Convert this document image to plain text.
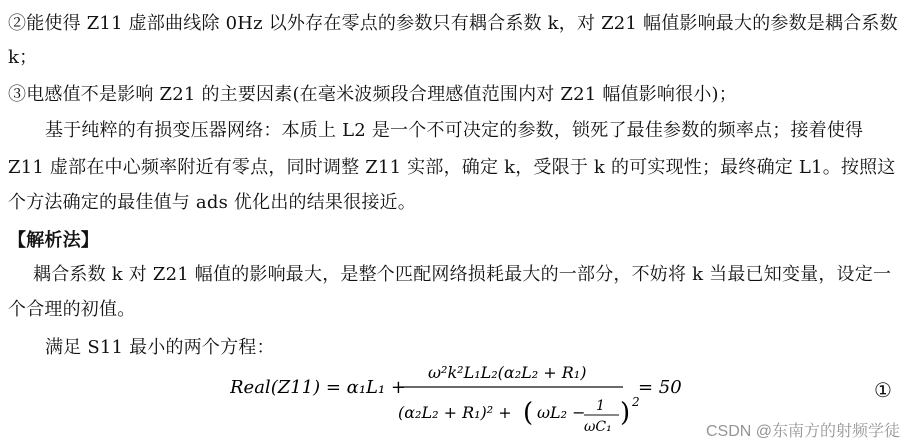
②能使得 Z11 虚部曲线除 0Hz 以外存在零点的参数只有耦合系数 k，对 Z21 幅值影响最大的参数是耦合系数
k；
③电感值不是影响 Z21 的主要因素(在毫米波频段合理感值范围内对 Z21 幅值影响很小)；
基于纯粹的有损变压器网络：本质上 L2 是一个不可决定的参数，锁死了最佳参数的频率点；接着使得
Z11 虚部在中心频率附近有零点，同时调整 Z11 实部，确定 k，受限于 k 的可实现性；最终确定 L1。按照这
个方法确定的最佳值与 ads 优化出的结果很接近。
【解析法】
耦合系数 k 对 Z21 幅值的影响最大，是整个匹配网络损耗最大的一部分，不妨将 k 当最已知变量，设定一
个合理的初值。
满足 S11 最小的两个方程：
Real(Z11) = α₁L₁ +
ω²k²L₁L₂(α₂L₂ + R₁)
(α₂L₂ + R₁)² + ( ωL₂ − 1
ωC₁ ) 2
= 50	①
CSDN @东南方的射频学徒
